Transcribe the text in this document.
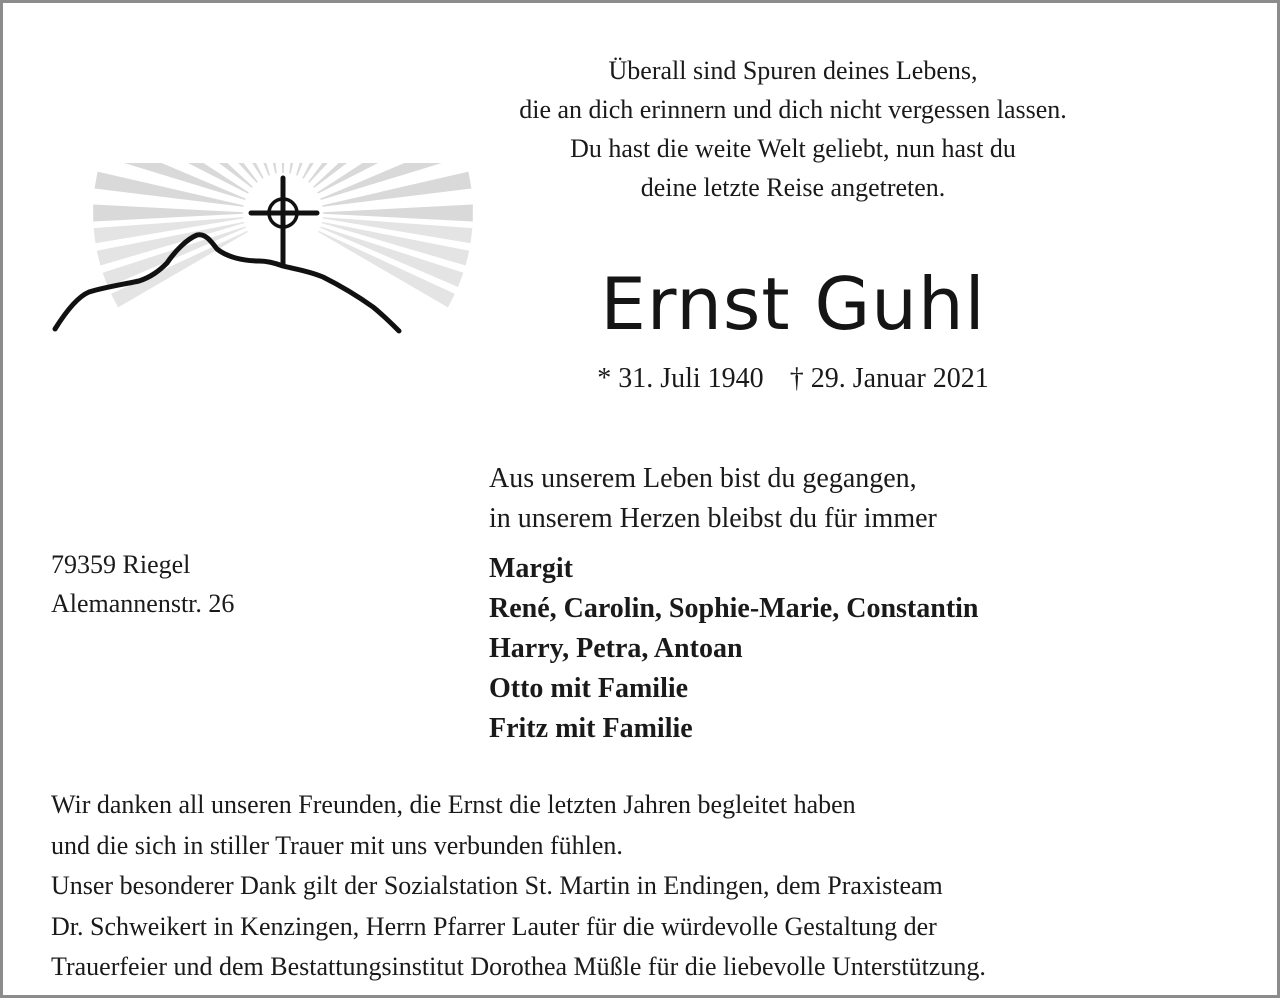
Überall sind Spuren deines Lebens,
die an dich erinnern und dich nicht vergessen lassen.
Du hast die weite Welt geliebt, nun hast du
deine letzte Reise angetreten.
Ernst Guhl
* 31. Juli 1940 † 29. Januar 2021
Aus unserem Leben bist du gegangen,
in unserem Herzen bleibst du für immer
Margit
René, Carolin, Sophie-Marie, Constantin
Harry, Petra, Antoan
Otto mit Familie
Fritz mit Familie
79359 Riegel
Alemannenstr. 26
Wir danken all unseren Freunden, die Ernst die letzten Jahren begleitet haben
und die sich in stiller Trauer mit uns verbunden fühlen.
Unser besonderer Dank gilt der Sozialstation St. Martin in Endingen, dem Praxisteam
Dr. Schweikert in Kenzingen, Herrn Pfarrer Lauter für die würdevolle Gestaltung der
Trauerfeier und dem Bestattungsinstitut Dorothea Müßle für die liebevolle Unterstützung.
